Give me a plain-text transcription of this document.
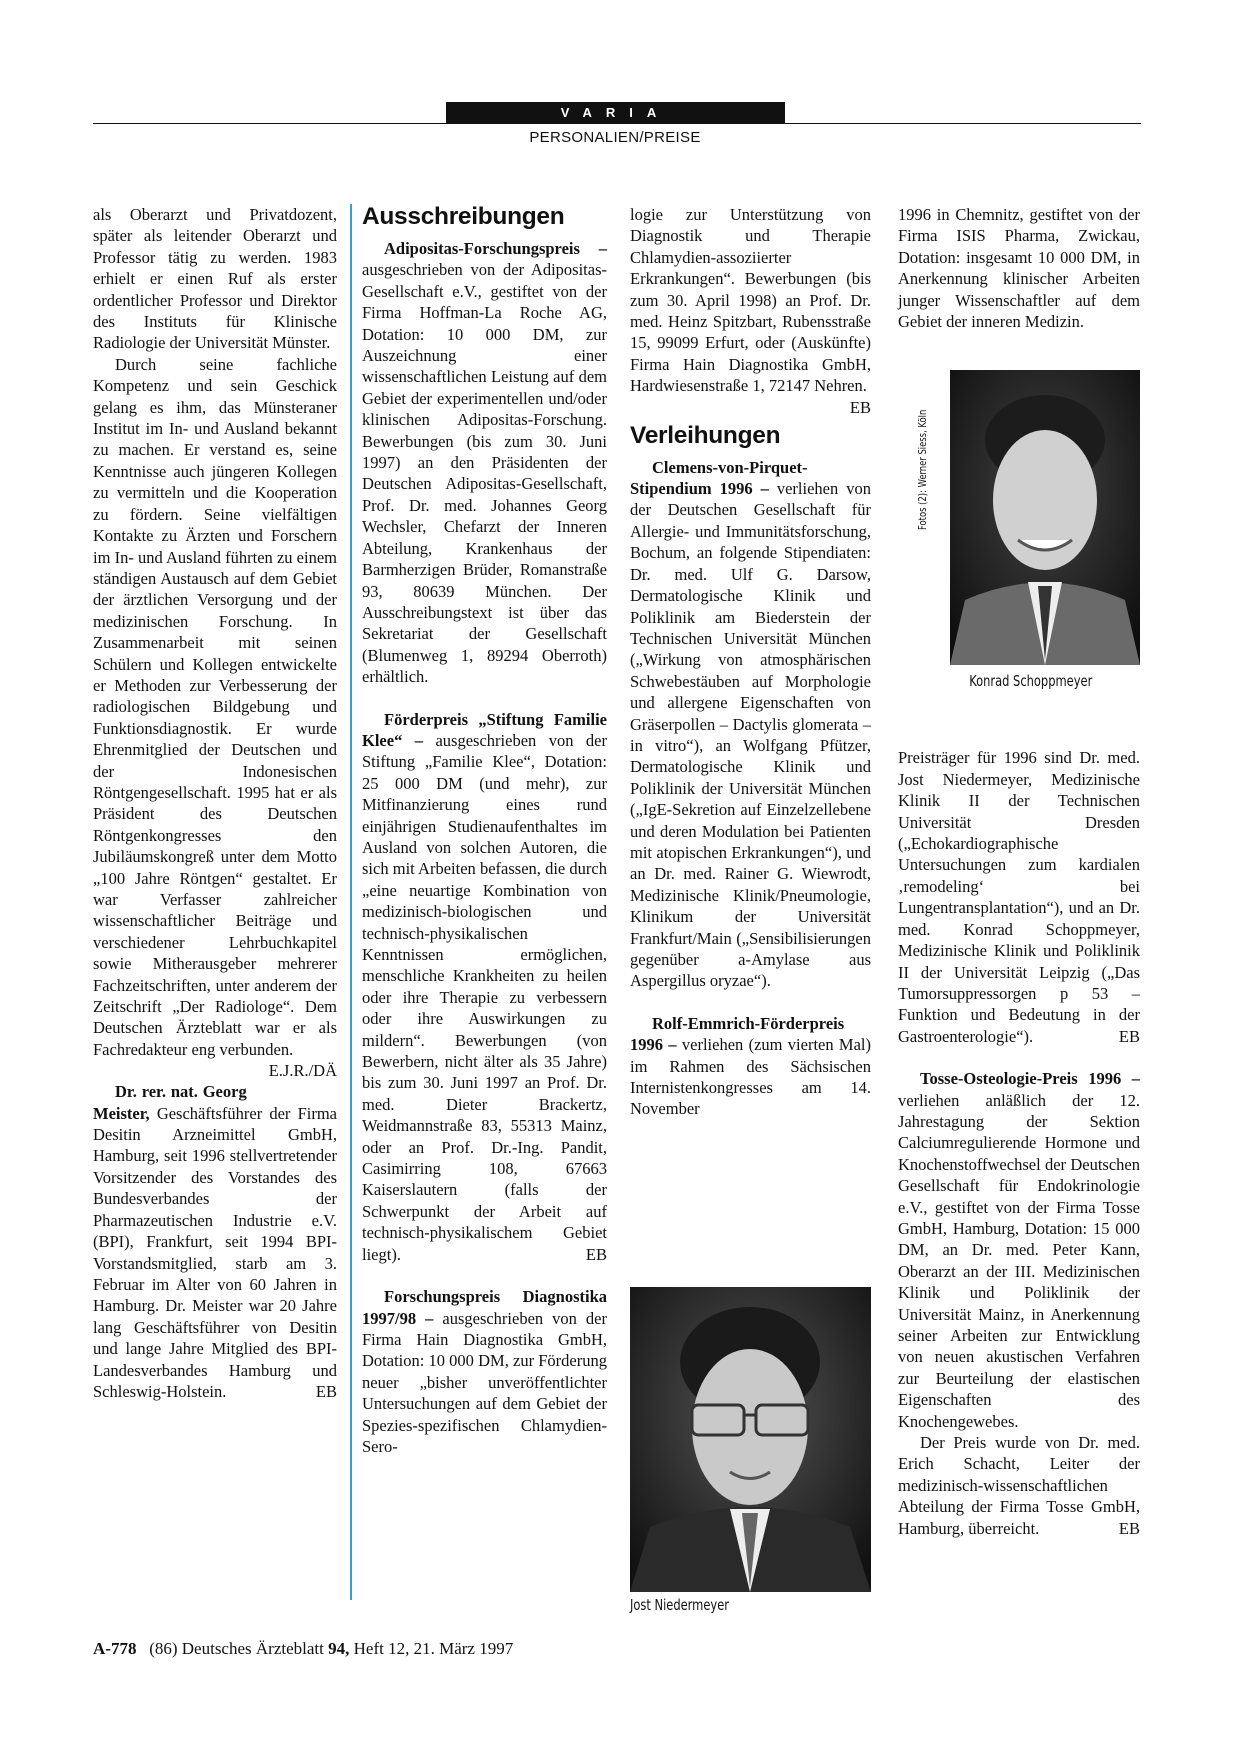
VARIA
PERSONALIEN/PREISE

als Oberarzt und Privatdozent, später als leitender Oberarzt und Professor tätig zu werden. 1983 erhielt er einen Ruf als erster ordentlicher Professor und Direktor des Instituts für Klinische Radiologie der Universität Münster.

Durch seine fachliche Kompetenz und sein Geschick gelang es ihm, das Münsteraner Institut im In- und Ausland bekannt zu machen. Er verstand es, seine Kenntnisse auch jüngeren Kollegen zu vermitteln und die Kooperation zu fördern. Seine vielfältigen Kontakte zu Ärzten und Forschern im In- und Ausland führten zu einem ständigen Austausch auf dem Gebiet der ärztlichen Versorgung und der medizinischen Forschung. In Zusammenarbeit mit seinen Schülern und Kollegen entwickelte er Methoden zur Verbesserung der radiologischen Bildgebung und Funktionsdiagnostik. Er wurde Ehrenmitglied der Deutschen und der Indonesischen Röntgengesellschaft. 1995 hat er als Präsident des Deutschen Röntgenkongresses den Jubiläumskongreß unter dem Motto „100 Jahre Röntgen“ gestaltet. Er war Verfasser zahlreicher wissenschaftlicher Beiträge und verschiedener Lehrbuchkapitel sowie Mitherausgeber mehrerer Fachzeitschriften, unter anderem der Zeitschrift „Der Radiologe“. Dem Deutschen Ärzteblatt war er als Fachredakteur eng verbunden.
E.J.R./DÄ

Dr. rer. nat. Georg Meister, Geschäftsführer der Firma Desitin Arzneimittel GmbH, Hamburg, seit 1996 stellvertretender Vorsitzender des Vorstandes des Bundesverbandes der Pharmazeutischen Industrie e.V. (BPI), Frankfurt, seit 1994 BPI-Vorstandsmitglied, starb am 3. Februar im Alter von 60 Jahren in Hamburg. Dr. Meister war 20 Jahre lang Geschäftsführer von Desitin und lange Jahre Mitglied des BPI-Landesverbandes Hamburg und Schleswig-Holstein.	EB

Ausschreibungen

Adipositas-Forschungspreis – ausgeschrieben von der Adipositas-Gesellschaft e.V., gestiftet von der Firma Hoffman-La Roche AG, Dotation: 10 000 DM, zur Auszeichnung einer wissenschaftlichen Leistung auf dem Gebiet der experimentellen und/oder klinischen Adipositas-Forschung. Bewerbungen (bis zum 30. Juni 1997) an den Präsidenten der Deutschen Adipositas-Gesellschaft, Prof. Dr. med. Johannes Georg Wechsler, Chefarzt der Inneren Abteilung, Krankenhaus der Barmherzigen Brüder, Romanstraße 93, 80639 München. Der Ausschreibungstext ist über das Sekretariat der Gesellschaft (Blumenweg 1, 89294 Oberroth) erhältlich.

Förderpreis „Stiftung Familie Klee“ – ausgeschrieben von der Stiftung „Familie Klee“, Dotation: 25 000 DM (und mehr), zur Mitfinanzierung eines rund einjährigen Studienaufenthaltes im Ausland von solchen Autoren, die sich mit Arbeiten befassen, die durch „eine neuartige Kombination von medizinisch-biologischen und technisch-physikalischen Kenntnissen ermöglichen, menschliche Krankheiten zu heilen oder ihre Therapie zu verbessern oder ihre Auswirkungen zu mildern“. Bewerbungen (von Bewerbern, nicht älter als 35 Jahre) bis zum 30. Juni 1997 an Prof. Dr. med. Dieter Brackertz, Weidmannstraße 83, 55313 Mainz, oder an Prof. Dr.-Ing. Pandit, Casimirring 108, 67663 Kaiserslautern (falls der Schwerpunkt der Arbeit auf technisch-physikalischem Gebiet liegt).	EB

Forschungspreis Diagnostika 1997/98 – ausgeschrieben von der Firma Hain Diagnostika GmbH, Dotation: 10 000 DM, zur Förderung neuer „bisher unveröffentlichter Untersuchungen auf dem Gebiet der Spezies-spezifischen Chlamydien-Sero-

logie zur Unterstützung von Diagnostik und Therapie Chlamydien-assoziierter Erkrankungen“. Bewerbungen (bis zum 30. April 1998) an Prof. Dr. med. Heinz Spitzbart, Rubensstraße 15, 99099 Erfurt, oder (Auskünfte) Firma Hain Diagnostika GmbH, Hardwiesenstraße 1, 72147 Nehren.
EB

Verleihungen

Clemens-von-Pirquet-Stipendium 1996 – verliehen von der Deutschen Gesellschaft für Allergie- und Immunitätsforschung, Bochum, an folgende Stipendiaten: Dr. med. Ulf G. Darsow, Dermatologische Klinik und Poliklinik am Biederstein der Technischen Universität München („Wirkung von atmosphärischen Schwebestäuben auf Morphologie und allergene Eigenschaften von Gräserpollen – Dactylis glomerata – in vitro“), an Wolfgang Pfützer, Dermatologische Klinik und Poliklinik der Universität München („IgE-Sekretion auf Einzelzellebene und deren Modulation bei Patienten mit atopischen Erkrankungen“), und an Dr. med. Rainer G. Wiewrodt, Medizinische Klinik/Pneumologie, Klinikum der Universität Frankfurt/Main („Sensibilisierungen gegenüber a-Amylase aus Aspergillus oryzae“).

Rolf-Emmrich-Förderpreis 1996 – verliehen (zum vierten Mal) im Rahmen des Sächsischen Internistenkongresses am 14. November

Jost Niedermeyer

1996 in Chemnitz, gestiftet von der Firma ISIS Pharma, Zwickau, Dotation: insgesamt 10 000 DM, in Anerkennung klinischer Arbeiten junger Wissenschaftler auf dem Gebiet der inneren Medizin.

Preisträger für 1996 sind Dr. med. Jost Niedermeyer, Medizinische Klinik II der Technischen Universität Dresden („Echokardiographische Untersuchungen zum kardialen ‚remodeling‘ bei Lungentransplantation“), und an Dr. med. Konrad Schoppmeyer, Medizinische Klinik und Poliklinik II der Universität Leipzig („Das Tumorsuppressorgen p 53 – Funktion und Bedeutung in der Gastroenterologie“).	EB

Tosse-Osteologie-Preis 1996 – verliehen anläßlich der 12. Jahrestagung der Sektion Calciumregulierende Hormone und Knochenstoffwechsel der Deutschen Gesellschaft für Endokrinologie e.V., gestiftet von der Firma Tosse GmbH, Hamburg, Dotation: 15 000 DM, an Dr. med. Peter Kann, Oberarzt an der III. Medizinischen Klinik und Poliklinik der Universität Mainz, in Anerkennung seiner Arbeiten zur Entwicklung von neuen akustischen Verfahren zur Beurteilung der elastischen Eigenschaften des Knochengewebes.

Der Preis wurde von Dr. med. Erich Schacht, Leiter der medizinisch-wissenschaftlichen Abteilung der Firma Tosse GmbH, Hamburg, überreicht.	EB

Konrad Schoppmeyer
Fotos (2): Werner Siess, Köln
A-778 (86) Deutsches Ärzteblatt 94, Heft 12, 21. März 1997
